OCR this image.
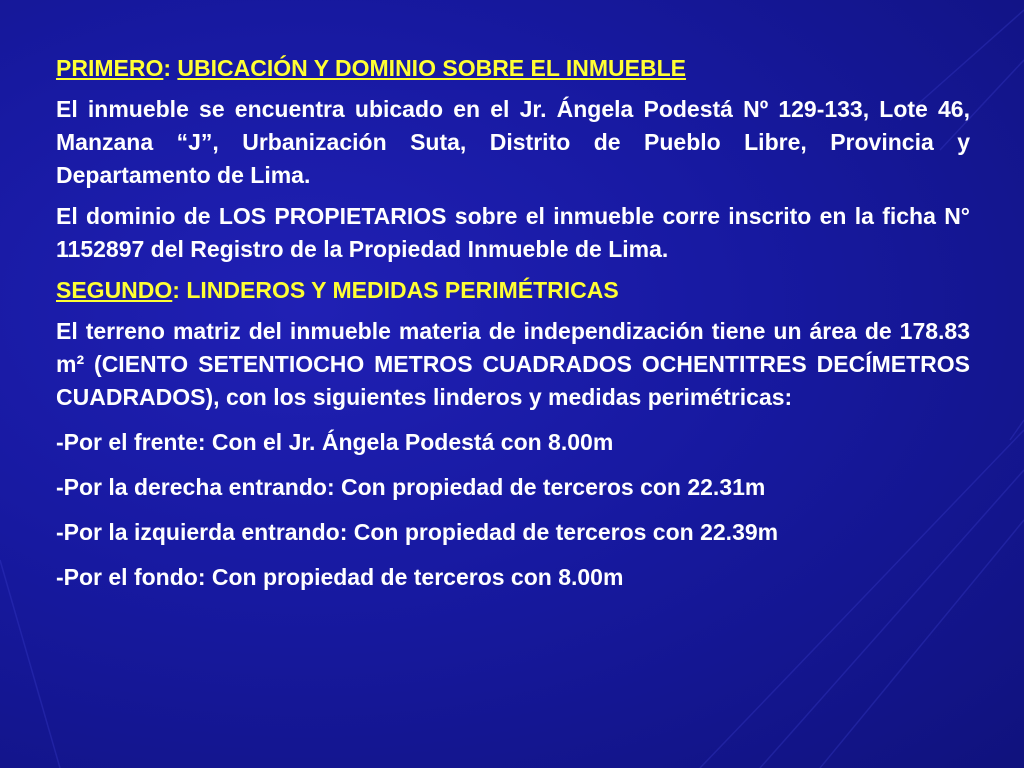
PRIMERO: UBICACIÓN Y DOMINIO SOBRE EL INMUEBLE

El inmueble se encuentra ubicado en el Jr. Ángela Podestá Nº 129-133, Lote 46, Manzana “J”, Urbanización Suta, Distrito de Pueblo Libre, Provincia y Departamento de Lima.

El dominio de LOS PROPIETARIOS sobre el inmueble corre inscrito en la ficha N° 1152897 del Registro de la Propiedad Inmueble de Lima.

SEGUNDO: LINDEROS Y MEDIDAS PERIMÉTRICAS

El terreno matriz del inmueble materia de independización tiene un área de 178.83 m² (CIENTO SETENTIOCHO METROS CUADRADOS OCHENTITRES DECÍMETROS CUADRADOS), con los siguientes linderos y medidas perimétricas:

-Por el frente: Con el Jr. Ángela Podestá con 8.00m
-Por la derecha entrando: Con propiedad de terceros con 22.31m
-Por la izquierda entrando: Con propiedad de terceros con 22.39m
-Por el fondo: Con propiedad de terceros con 8.00m
